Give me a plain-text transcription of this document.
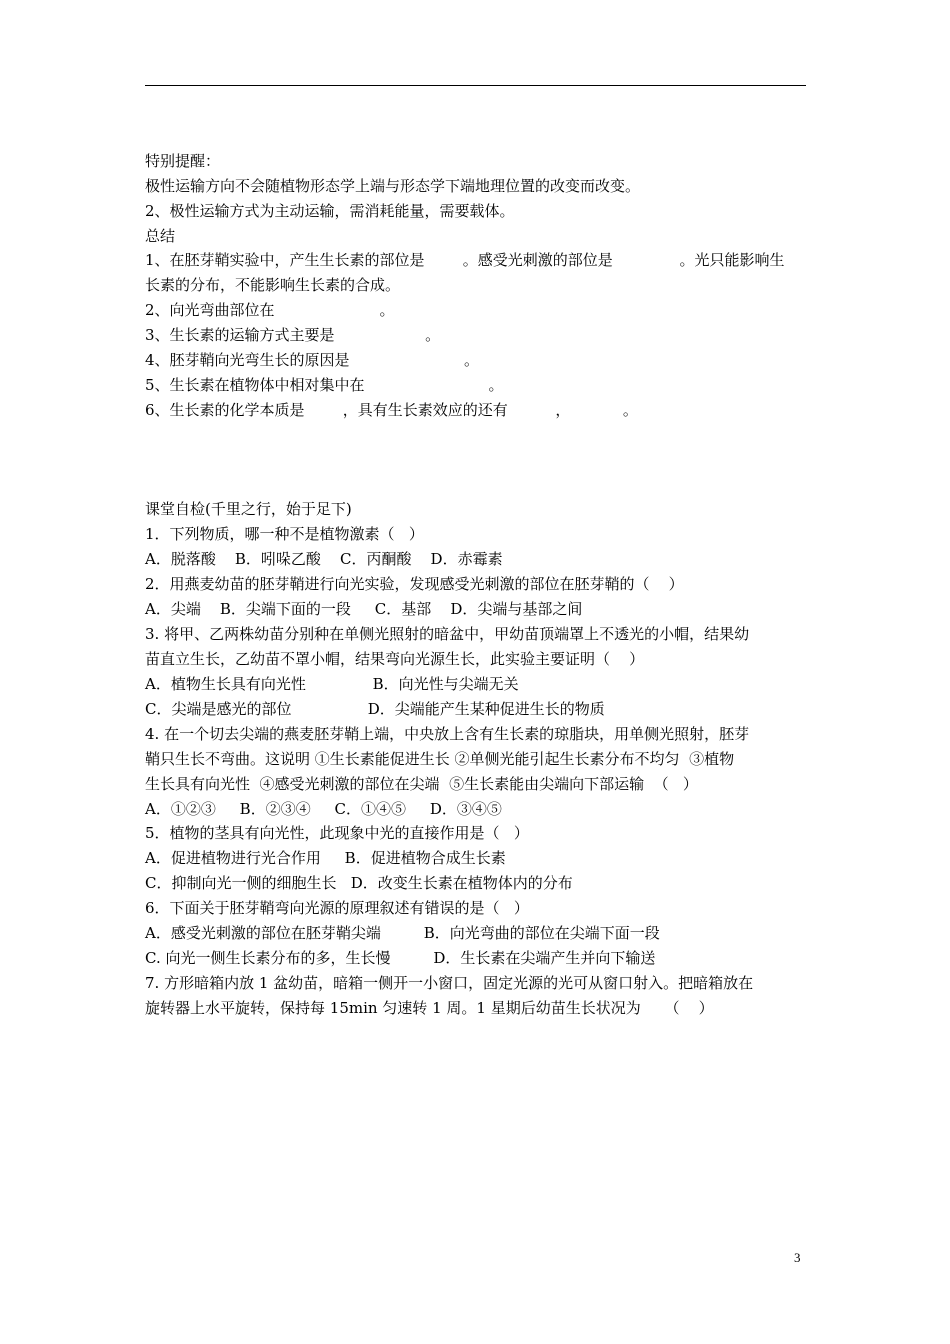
特别提醒：
极性运输方向不会随植物形态学上端与形态学下端地理位置的改变而改变。
2、极性运输方式为主动运输，需消耗能量，需要载体。
总结
1、在胚芽鞘实验中，产生生长素的部位是        。感受光刺激的部位是              。光只能影响生
长素的分布，不能影响生长素的合成。
2、向光弯曲部位在                      。
3、生长素的运输方式主要是                   。
4、胚芽鞘向光弯生长的原因是                        。
5、生长素在植物体中相对集中在                          。
6、生长素的化学本质是        ，具有生长素效应的还有          ，           。
课堂自检(千里之行，始于足下)
1．下列物质，哪一种不是植物激素（   ）
A．脱落酸    B．吲哚乙酸    C．丙酮酸    D．赤霉素
2．用燕麦幼苗的胚芽鞘进行向光实验，发现感受光刺激的部位在胚芽鞘的（    ）
A．尖端    B．尖端下面的一段     C．基部    D．尖端与基部之间
3. 将甲、乙两株幼苗分别种在单侧光照射的暗盆中，甲幼苗顶端罩上不透光的小帽，结果幼
苗直立生长，乙幼苗不罩小帽，结果弯向光源生长，此实验主要证明（    ）
A．植物生长具有向光性              B．向光性与尖端无关
C．尖端是感光的部位                D．尖端能产生某种促进生长的物质
4. 在一个切去尖端的燕麦胚芽鞘上端，中央放上含有生长素的琼脂块，用单侧光照射，胚芽
鞘只生长不弯曲。这说明 ①生长素能促进生长 ②单侧光能引起生长素分布不均匀  ③植物
生长具有向光性  ④感受光刺激的部位在尖端  ⑤生长素能由尖端向下部运输  （   ）
A．①②③     B．②③④     C．①④⑤     D．③④⑤
5．植物的茎具有向光性，此现象中光的直接作用是（   ）
A．促进植物进行光合作用     B．促进植物合成生长素
C．抑制向光一侧的细胞生长   D．改变生长素在植物体内的分布
6．下面关于胚芽鞘弯向光源的原理叙述有错误的是（   ）
A．感受光刺激的部位在胚芽鞘尖端         B．向光弯曲的部位在尖端下面一段
C. 向光一侧生长素分布的多，生长慢         D．生长素在尖端产生并向下输送
7. 方形暗箱内放 1 盆幼苗，暗箱一侧开一小窗口，固定光源的光可从窗口射入。把暗箱放在
旋转器上水平旋转，保持每 15min 匀速转 1 周。1 星期后幼苗生长状况为     （    ）
3
